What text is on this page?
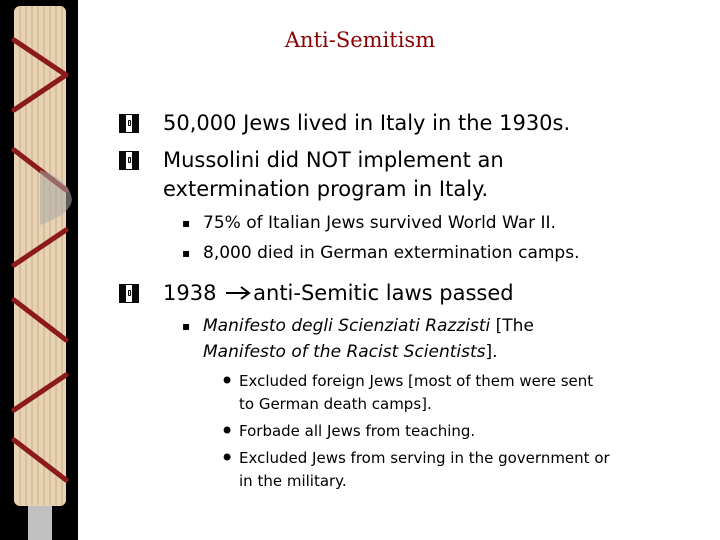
Anti-Semitism
50,000 Jews lived in Italy in the 1930s.
Mussolini did NOT implement an
extermination program in Italy.
▪ 75% of Italian Jews survived World War II.
▪ 8,000 died in German extermination camps.
1938 anti-Semitic laws passed
▪ Manifesto degli Scienziati Razzisti [The
Manifesto of the Racist Scientists].
• Excluded foreign Jews [most of them were sent
to German death camps].
• Forbade all Jews from teaching.
• Excluded Jews from serving in the government or
in the military.
